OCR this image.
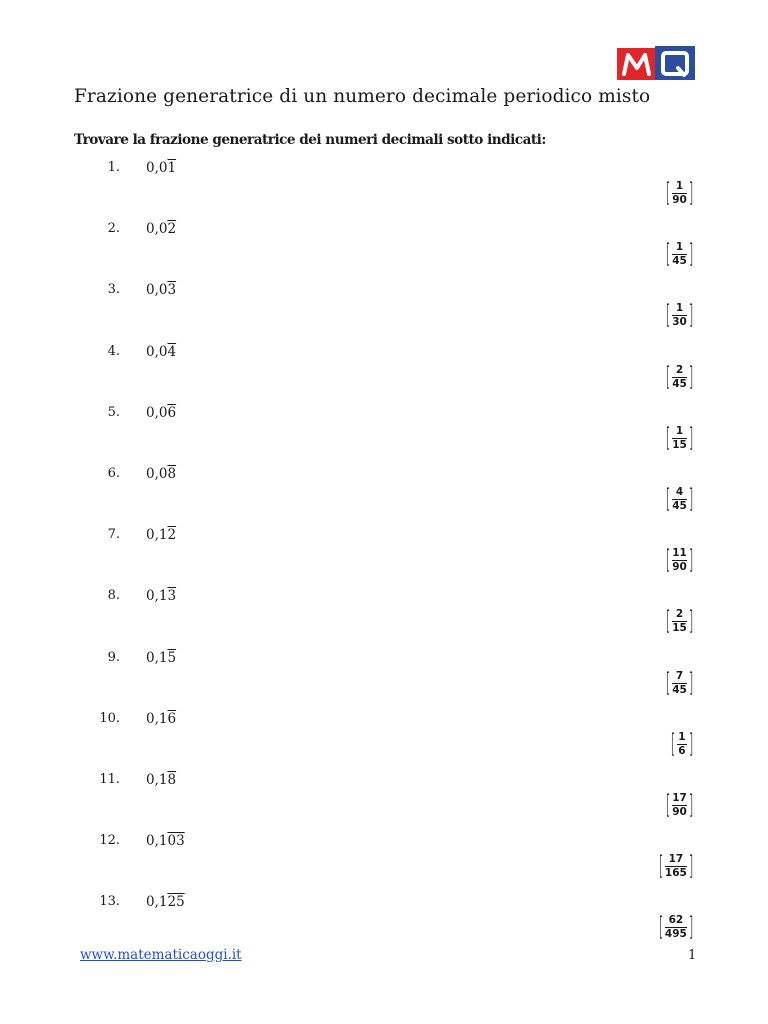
Frazione generatrice di un numero decimale periodico misto
Trovare la frazione generatrice dei numeri decimali sotto indicati:
1. 0,01
[ $\frac{1}{90}$ ]
2. 0,02
[ $\frac{1}{45}$ ]
3. 0,03
[ $\frac{1}{30}$ ]
4. 0,04
[ $\frac{2}{45}$ ]
5. 0,06
[ $\frac{1}{15}$ ]
6. 0,08
[ $\frac{4}{45}$ ]
7. 0,12
[ $\frac{11}{90}$ ]
8. 0,13
[ $\frac{2}{15}$ ]
9. 0,15
[ $\frac{7}{45}$ ]
10. 0,16
[ $\frac{1}{6}$ ]
11. 0,18
[ $\frac{17}{90}$ ]
12. 0,103
[ $\frac{17}{165}$ ]
13. 0,125
[ $\frac{62}{495}$ ]
www.matematicaoggi.it	1
